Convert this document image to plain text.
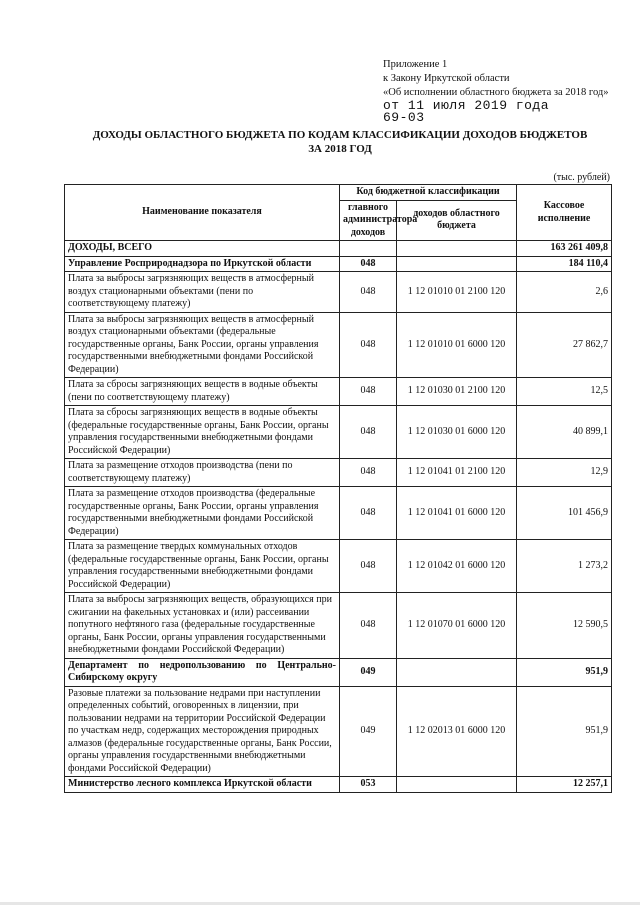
Приложение 1
к Закону Иркутской области
«Об исполнении областного бюджета за 2018 год»
от 11 июля 2019 года
69-03
ДОХОДЫ ОБЛАСТНОГО БЮДЖЕТА ПО КОДАМ КЛАССИФИКАЦИИ ДОХОДОВ БЮДЖЕТОВ
ЗА 2018 ГОД
(тыс. рублей)
Наименование показателя	Код бюджетной классификации		Кассовое исполнение
	главного администратора доходов	доходов областного бюджета	
ДОХОДЫ, ВСЕГО			163 261 409,8
Управление Росприроднадзора по Иркутской области	048		184 110,4
Плата за выбросы загрязняющих веществ в атмосферный воздух стационарными объектами (пени по соответствующему платежу)	048	1 12 01010 01 2100 120	2,6
Плата за выбросы загрязняющих веществ в атмосферный воздух стационарными объектами (федеральные государственные органы, Банк России, органы управления государственными внебюджетными фондами Российской Федерации)	048	1 12 01010 01 6000 120	27 862,7
Плата за сбросы загрязняющих веществ в водные объекты (пени по соответствующему платежу)	048	1 12 01030 01 2100 120	12,5
Плата за сбросы загрязняющих веществ в водные объекты (федеральные государственные органы, Банк России, органы управления государственными внебюджетными фондами Российской Федерации)	048	1 12 01030 01 6000 120	40 899,1
Плата за размещение отходов производства (пени по соответствующему платежу)	048	1 12 01041 01 2100 120	12,9
Плата за размещение отходов производства (федеральные государственные органы, Банк России, органы управления государственными внебюджетными фондами Российской Федерации)	048	1 12 01041 01 6000 120	101 456,9
Плата за размещение твердых коммунальных отходов (федеральные государственные органы, Банк России, органы управления государственными внебюджетными фондами Российской Федерации)	048	1 12 01042 01 6000 120	1 273,2
Плата за выбросы загрязняющих веществ, образующихся при сжигании на факельных установках и (или) рассеивании попутного нефтяного газа (федеральные государственные органы, Банк России, органы управления государственными внебюджетными фондами Российской Федерации)	048	1 12 01070 01 6000 120	12 590,5
Департамент по недропользованию по Центрально-Сибирскому округу	049		951,9
Разовые платежи за пользование недрами при наступлении определенных событий, оговоренных в лицензии, при пользовании недрами на территории Российской Федерации по участкам недр, содержащих месторождения природных алмазов (федеральные государственные органы, Банк России, органы управления государственными внебюджетными фондами Российской Федерации)	049	1 12 02013 01 6000 120	951,9
Министерство лесного комплекса Иркутской области	053		12 257,1
